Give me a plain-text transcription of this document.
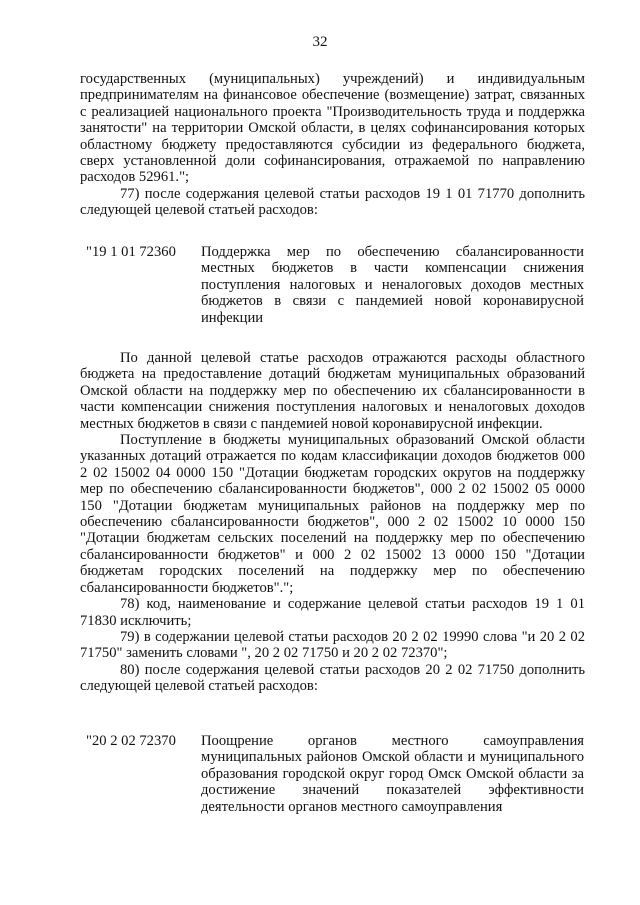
32

государственных (муниципальных) учреждений) и индивидуальным предпринимателям на финансовое обеспечение (возмещение) затрат, связанных с реализацией национального проекта "Производительность труда и поддержка занятости" на территории Омской области, в целях софинансирования которых областному бюджету предоставляются субсидии из федерального бюджета, сверх установленной доли софинансирования, отражаемой по направлению расходов 52961.";

77) после содержания целевой статьи расходов 19 1 01 71770 дополнить следующей целевой статьей расходов:

"19 1 01 72360	Поддержка мер по обеспечению сбалансированности местных бюджетов в части компенсации снижения поступления налоговых и неналоговых доходов местных бюджетов в связи с пандемией новой коронавирусной инфекции

По данной целевой статье расходов отражаются расходы областного бюджета на предоставление дотаций бюджетам муниципальных образований Омской области на поддержку мер по обеспечению их сбалансированности в части компенсации снижения поступления налоговых и неналоговых доходов местных бюджетов в связи с пандемией новой коронавирусной инфекции.

Поступление в бюджеты муниципальных образований Омской области указанных дотаций отражается по кодам классификации доходов бюджетов 000 2 02 15002 04 0000 150 "Дотации бюджетам городских округов на поддержку мер по обеспечению сбалансированности бюджетов", 000 2 02 15002 05 0000 150 "Дотации бюджетам муниципальных районов на поддержку мер по обеспечению сбалансированности бюджетов", 000 2 02 15002 10 0000 150 "Дотации бюджетам сельских поселений на поддержку мер по обеспечению сбалансированности бюджетов" и 000 2 02 15002 13 0000 150 "Дотации бюджетам городских поселений на поддержку мер по обеспечению сбалансированности бюджетов".";

78) код, наименование и содержание целевой статьи расходов 19 1 01 71830 исключить;

79) в содержании целевой статьи расходов 20 2 02 19990 слова "и 20 2 02 71750" заменить словами ", 20 2 02 71750 и 20 2 02 72370";

80) после содержания целевой статьи расходов 20 2 02 71750 дополнить следующей целевой статьей расходов:

"20 2 02 72370	Поощрение органов местного самоуправления муниципальных районов Омской области и муниципального образования городской округ город Омск Омской области за достижение значений показателей эффективности деятельности органов местного самоуправления
